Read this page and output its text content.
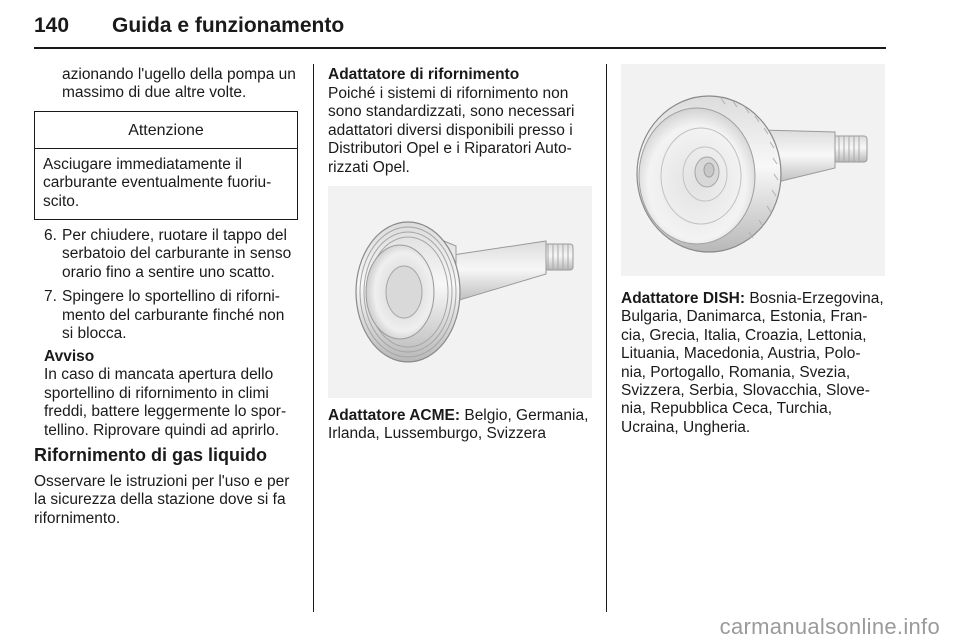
140 Guida e funzionamento
azionando l'ugello della pompa un
massimo di due altre volte.
Attenzione
Asciugare immediatamente il
carburante eventualmente fuoriu-
scito.
6. Per chiudere, ruotare il tappo del
serbatoio del carburante in senso
orario fino a sentire uno scatto.
7. Spingere lo sportellino di riforni-
mento del carburante finché non
si blocca.
Avviso
In caso di mancata apertura dello
sportellino di rifornimento in climi
freddi, battere leggermente lo spor-
tellino. Riprovare quindi ad aprirlo.
Rifornimento di gas liquido
Osservare le istruzioni per l'uso e per
la sicurezza della stazione dove si fa
rifornimento.
Adattatore di rifornimento
Poiché i sistemi di rifornimento non
sono standardizzati, sono necessari
adattatori diversi disponibili presso i
Distributori Opel e i Riparatori Auto-
rizzati Opel.
Adattatore ACME: Belgio, Germania,
Irlanda, Lussemburgo, Svizzera
Adattatore DISH: Bosnia-Erzegovina,
Bulgaria, Danimarca, Estonia, Fran-
cia, Grecia, Italia, Croazia, Lettonia,
Lituania, Macedonia, Austria, Polo-
nia, Portogallo, Romania, Svezia,
Svizzera, Serbia, Slovacchia, Slove-
nia, Repubblica Ceca, Turchia,
Ucraina, Ungheria.
carmanualsonline.info
